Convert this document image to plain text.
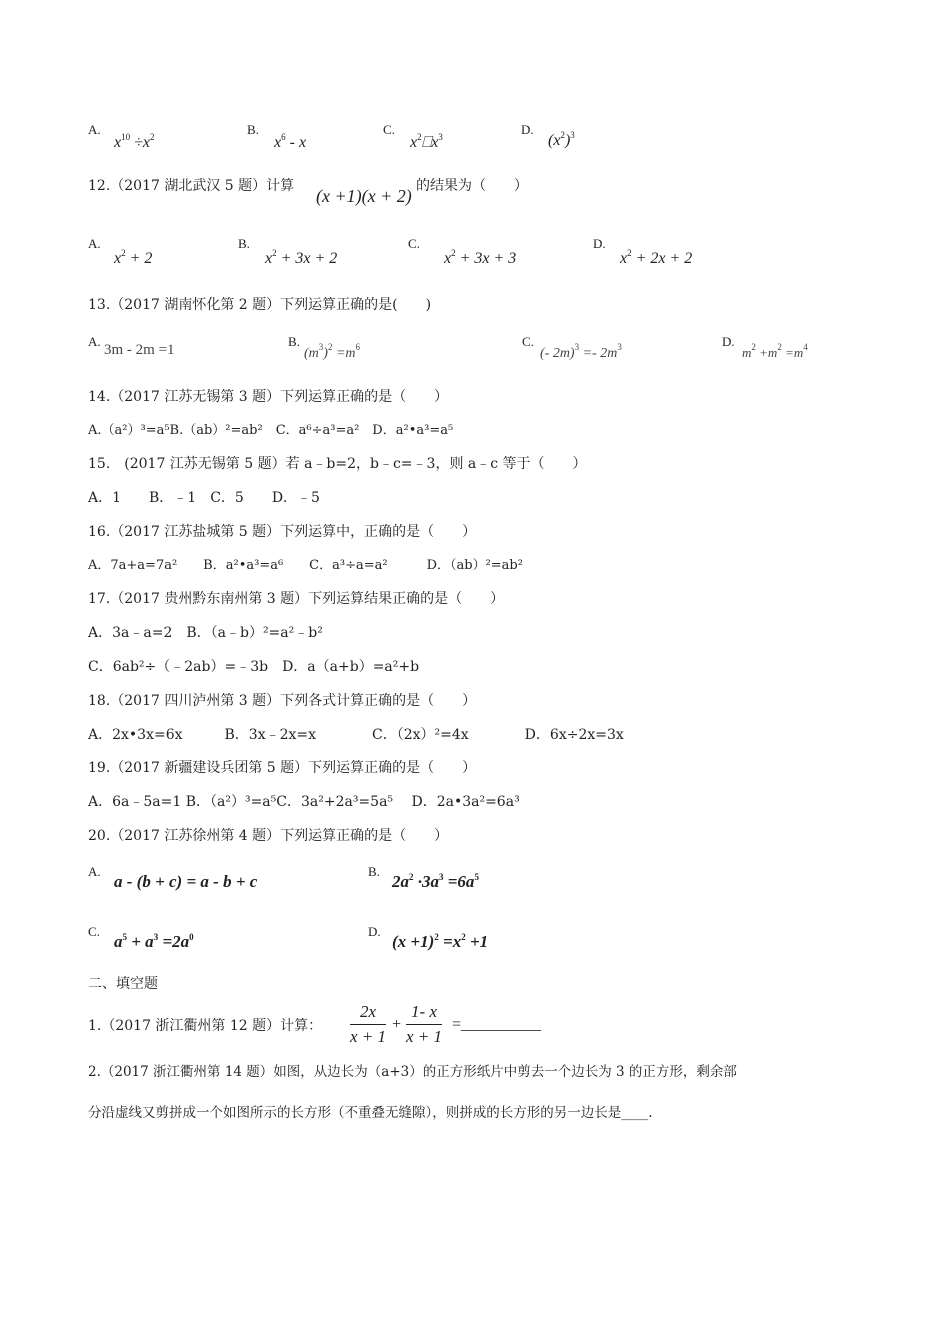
A.
$x^{10} \div x^2$	B.
$x^6$ - x
C.
$x^2⎕x^3$	D.
$(x^2)^3$
12.（2017 湖北武汉 5 题）计算 (x +1)(x + 2) 的结果为（　　）
A.
$x^2 + 2$
B.
$x^2 + 3x + 2$
C.
$x^2 + 3x + 3$
D.
$x^2 + 2x + 2$
13.（2017 湖南怀化第 2 题）下列运算正确的是(　　)
A.
3m - 2m =1
B.
$(m^3)^2 =m^6$	C.
(- $2m)^3 =- 2m^3$	D.
$m^2 +m^2 =m^4$
14.（2017 江苏无锡第 3 题）下列运算正确的是（　　）
A.（a²）³=a⁵B.（ab）²=ab²　C．a⁶÷a³=a²　D．a²•a³=a⁵
15.　(2017 江苏无锡第 5 题）若 a﹣b=2，b﹣c=﹣3，则 a﹣c 等于（　　）
A．1　　B．﹣1　C．5　　D．﹣5
16.（2017 江苏盐城第 5 题）下列运算中，正确的是（　　）
A．7a+a=7a²　　B．a²•a³=a⁶　　C．a³÷a=a²　　　D．（ab）²=ab²
17.（2017 贵州黔东南州第 3 题）下列运算结果正确的是（　　）
A．3a﹣a=2　B．（a﹣b）²=a²﹣b²
C．6ab²÷（﹣2ab）=﹣3b　D．a（a+b）=a²+b
18.（2017 四川泸州第 3 题）下列各式计算正确的是（　　）
A．2x•3x=6x　　　B．3x﹣2x=x　　　　C．（2x）²=4x　　　　D．6x÷2x=3x
19.（2017 新疆建设兵团第 5 题）下列运算正确的是（　　）
A．6a﹣5a=1 B．（a²）³=a⁵C．3a²+2a³=5a⁵　 D．2a•3a²=6a³
20.（2017 江苏徐州第 4 题）下列运算正确的是（　　）
A.
a - (b + c) = a - b + c
B.
$2a^2 \cdot 3a^3 =6a^5$
C.
$a^5 + a^3 =2a^0$	D.
$(x +1)^2 =x^2 +1$
二、填空题
1.（2017 浙江衢州第 12 题）计算： $\frac{2x}{x + 1} + \frac{1- x}{x + 1}$ =__________
2.（2017 浙江衢州第 14 题）如图，从边长为（a+3）的正方形纸片中剪去一个边长为 3 的正方形，剩余部
分沿虚线又剪拼成一个如图所示的长方形（不重叠无缝隙），则拼成的长方形的另一边长是____.
